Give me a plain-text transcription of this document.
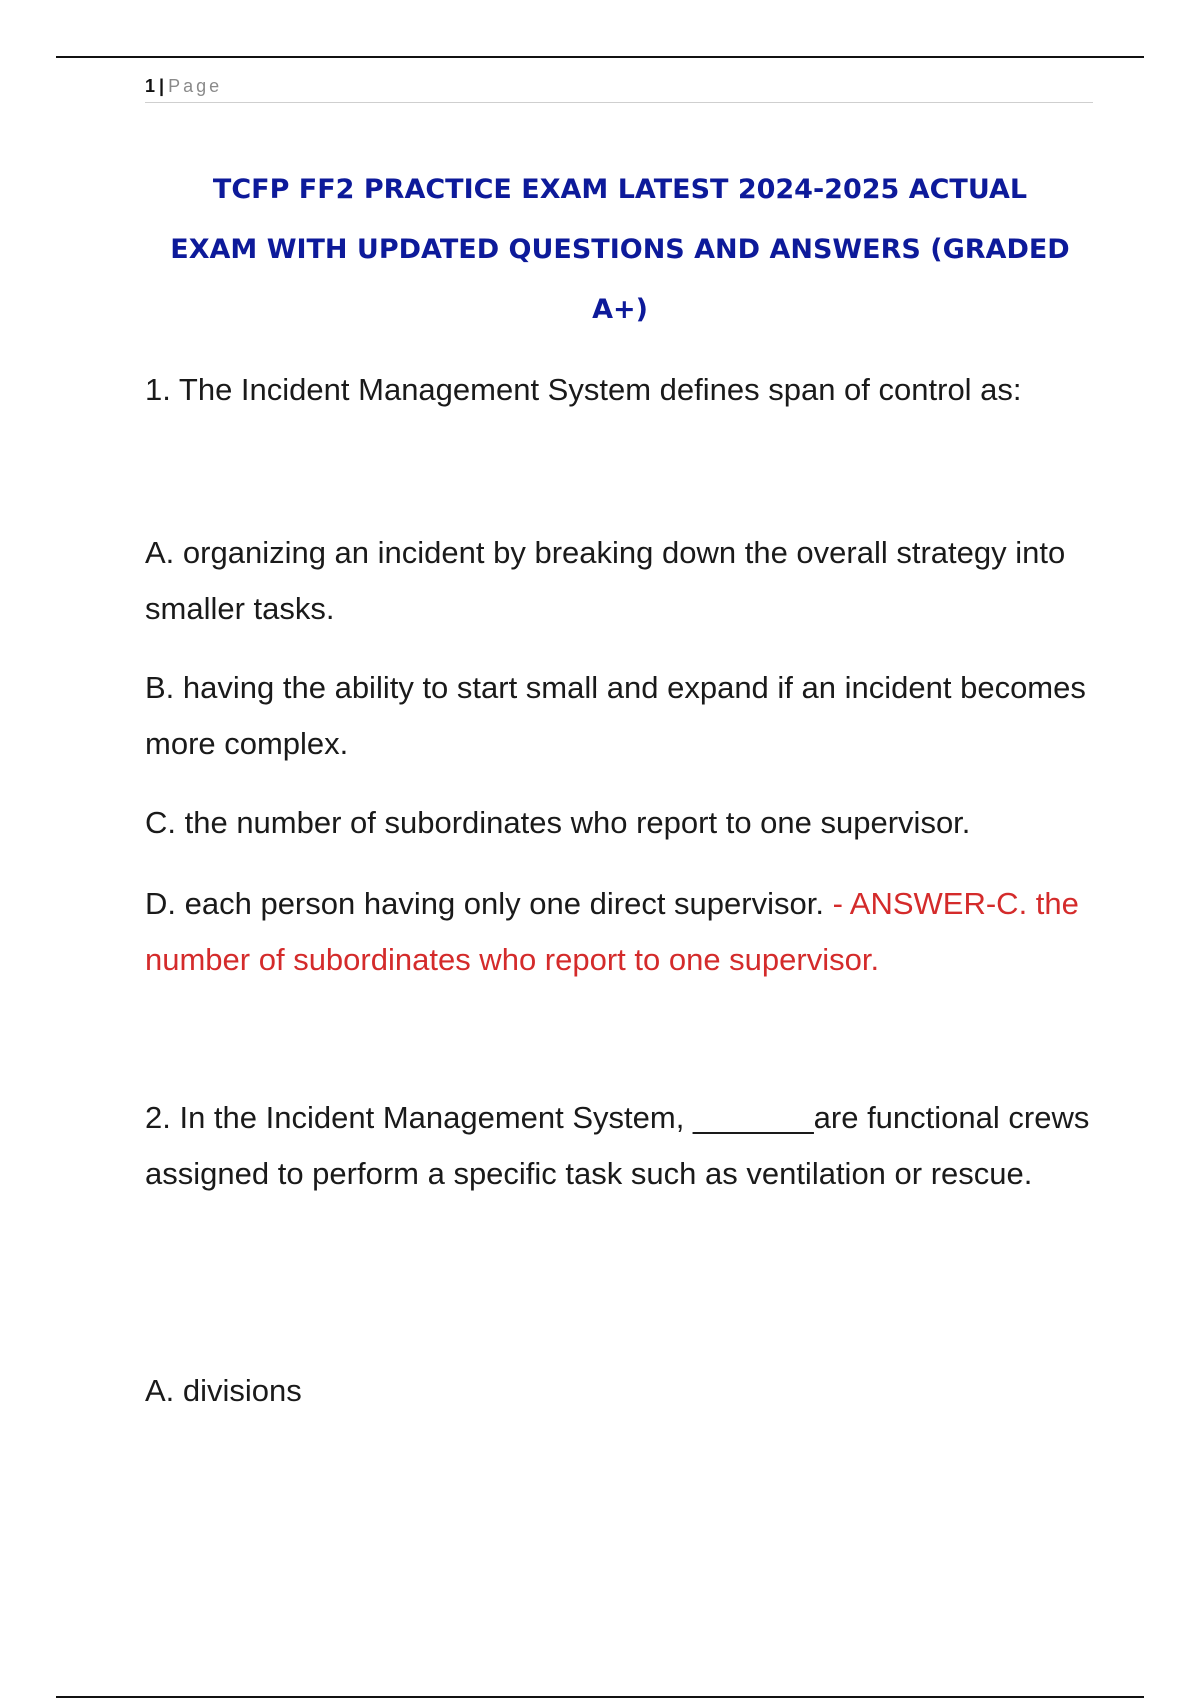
1 | Page
TCFP FF2 PRACTICE EXAM LATEST 2024-2025 ACTUAL
EXAM WITH UPDATED QUESTIONS AND ANSWERS (GRADED
A+)

1. The Incident Management System defines span of control as:

A. organizing an incident by breaking down the overall strategy into smaller tasks.

B. having the ability to start small and expand if an incident becomes more complex.

C. the number of subordinates who report to one supervisor.

D. each person having only one direct supervisor. - ANSWER-C. the number of subordinates who report to one supervisor.

2. In the Incident Management System, _______are functional crews assigned to perform a specific task such as ventilation or rescue.

A. divisions
